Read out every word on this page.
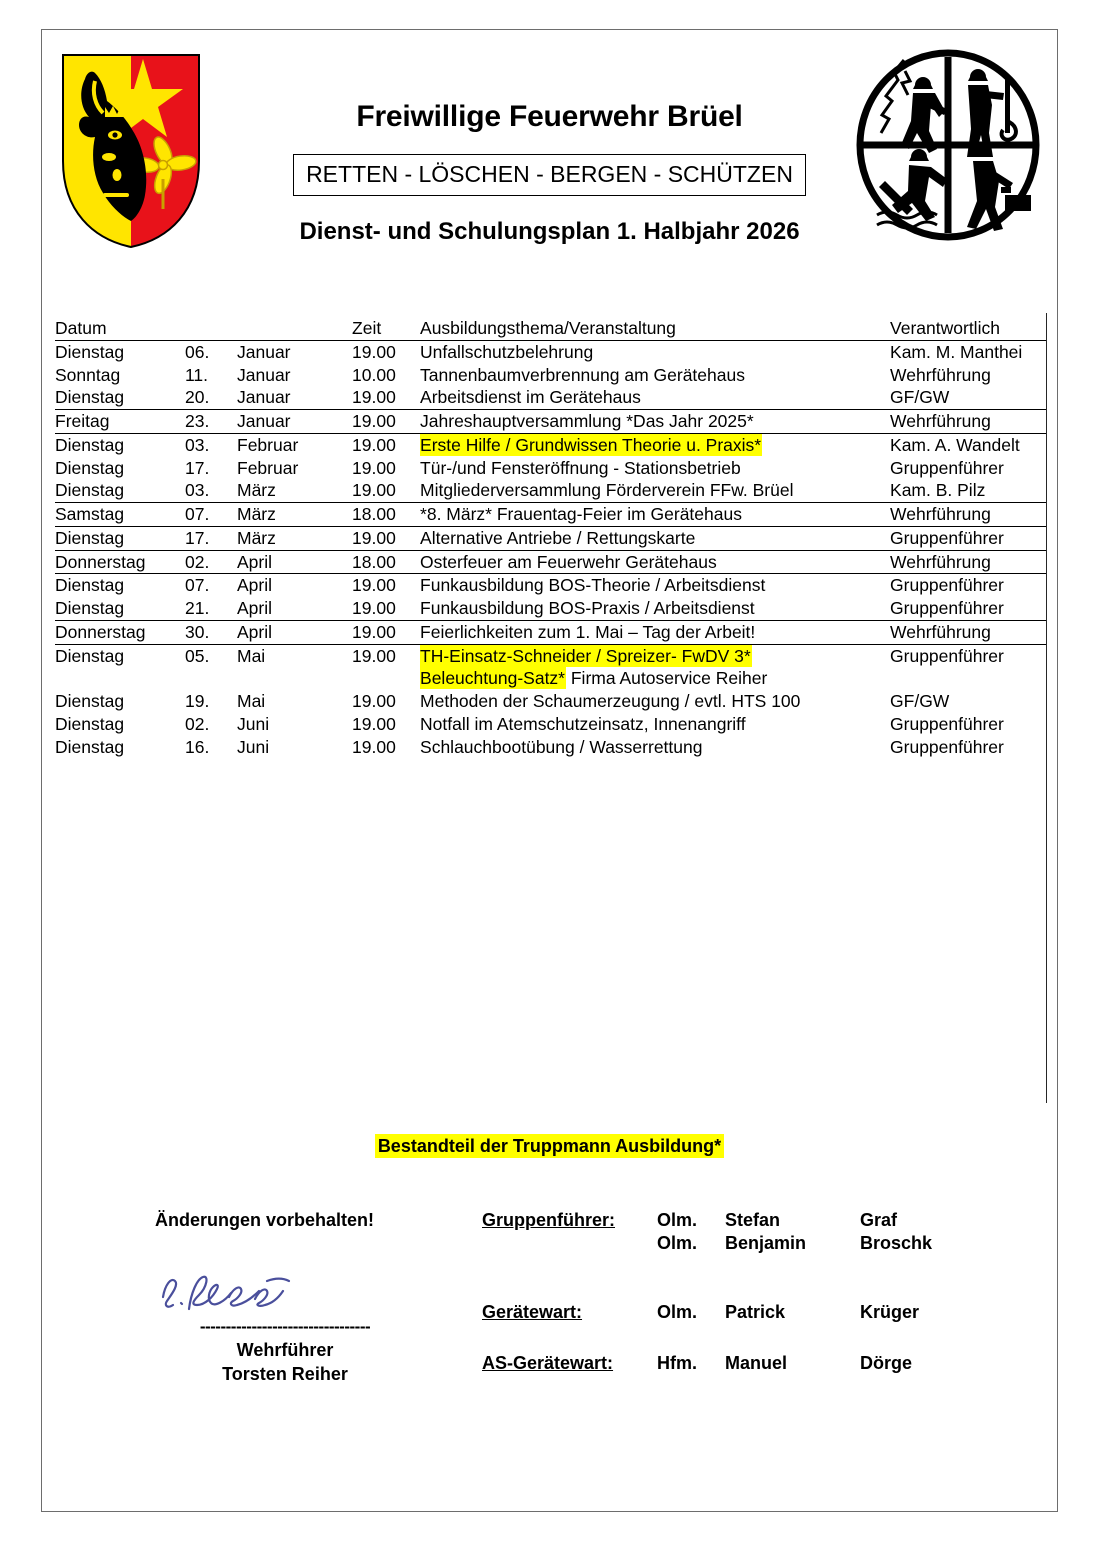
Freiwillige Feuerwehr Brüel
RETTEN - LÖSCHEN - BERGEN - SCHÜTZEN
Dienst- und Schulungsplan 1. Halbjahr 2026
Datum			Zeit	Ausbildungsthema/Veranstaltung	Verantwortlich
Dienstag	06.	Januar	19.00	Unfallschutzbelehrung	Kam. M. Manthei
Sonntag	11.	Januar	10.00	Tannenbaumverbrennung am Gerätehaus	Wehrführung
Dienstag	20.	Januar	19.00	Arbeitsdienst im Gerätehaus	GF/GW
Freitag	23.	Januar	19.00	Jahreshauptversammlung *Das Jahr 2025*	Wehrführung
Dienstag	03.	Februar	19.00	Erste Hilfe / Grundwissen Theorie u. Praxis*	Kam. A. Wandelt
Dienstag	17.	Februar	19.00	Tür-/und Fensteröffnung - Stationsbetrieb	Gruppenführer
Dienstag	03.	März	19.00	Mitgliederversammlung Förderverein FFw. Brüel	Kam. B. Pilz
Samstag	07.	März	18.00	*8. März* Frauentag-Feier im Gerätehaus	Wehrführung
Dienstag	17.	März	19.00	Alternative Antriebe / Rettungskarte	Gruppenführer
Donnerstag	02.	April	18.00	Osterfeuer am Feuerwehr Gerätehaus	Wehrführung
Dienstag	07.	April	19.00	Funkausbildung BOS-Theorie / Arbeitsdienst	Gruppenführer
Dienstag	21.	April	19.00	Funkausbildung BOS-Praxis / Arbeitsdienst	Gruppenführer
Donnerstag	30.	April	19.00	Feierlichkeiten zum 1. Mai – Tag der Arbeit!	Wehrführung
Dienstag	05.	Mai	19.00	TH-Einsatz-Schneider / Spreizer- FwDV 3*
Beleuchtung-Satz* Firma Autoservice Reiher	Gruppenführer
Dienstag	19.	Mai	19.00	Methoden der Schaumerzeugung / evtl. HTS 100	GF/GW
Dienstag	02.	Juni	19.00	Notfall im Atemschutzeinsatz, Innenangriff	Gruppenführer
Dienstag	16.	Juni	19.00	Schlauchbootübung / Wasserrettung	Gruppenführer
Bestandteil der Truppmann Ausbildung*
Änderungen vorbehalten!
---------------------------------
Wehrführer
Torsten Reiher
Gruppenführer:	Olm.	Stefan	Graf
	Olm.	Benjamin	Broschk

Gerätewart:	Olm.	Patrick	Krüger

AS-Gerätewart:	Hfm.	Manuel	Dörge
